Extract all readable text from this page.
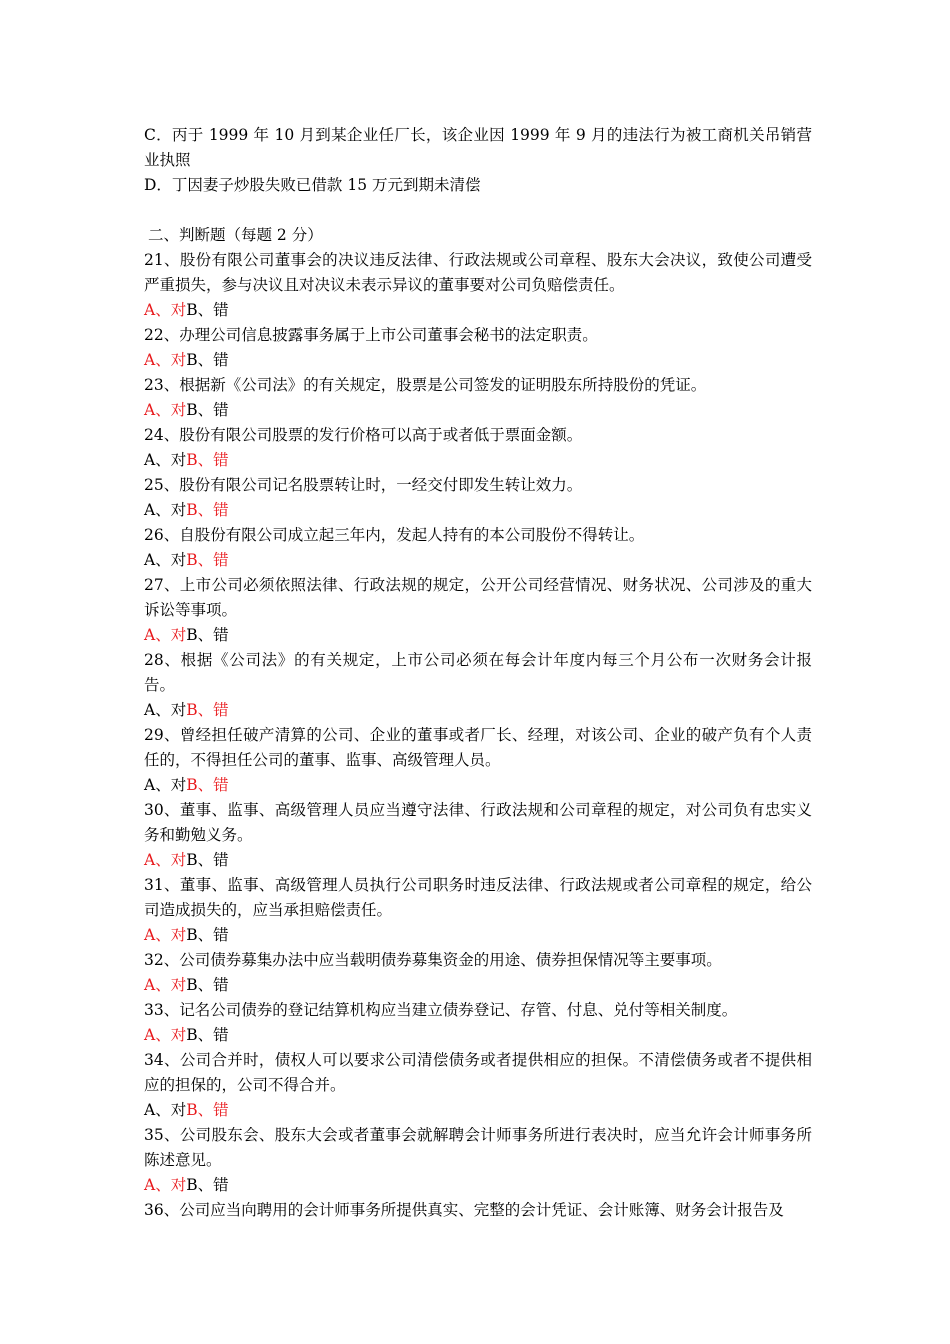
C．丙于 1999 年 10 月到某企业任厂长，该企业因 1999 年 9 月的违法行为被工商机关吊销营业执照

D．丁因妻子炒股失败已借款 15 万元到期未清偿

二、判断题（每题 2 分）

21、股份有限公司董事会的决议违反法律、行政法规或公司章程、股东大会决议，致使公司遭受严重损失，参与决议且对决议未表示异议的董事要对公司负赔偿责任。

A、对B、错

22、办理公司信息披露事务属于上市公司董事会秘书的法定职责。

A、对B、错

23、根据新《公司法》的有关规定，股票是公司签发的证明股东所持股份的凭证。

A、对B、错

24、股份有限公司股票的发行价格可以高于或者低于票面金额。

A、对B、错

25、股份有限公司记名股票转让时，一经交付即发生转让效力。

A、对B、错

26、自股份有限公司成立起三年内，发起人持有的本公司股份不得转让。

A、对B、错

27、上市公司必须依照法律、行政法规的规定，公开公司经营情况、财务状况、公司涉及的重大诉讼等事项。

A、对B、错

28、根据《公司法》的有关规定，上市公司必须在每会计年度内每三个月公布一次财务会计报告。

A、对B、错

29、曾经担任破产清算的公司、企业的董事或者厂长、经理，对该公司、企业的破产负有个人责任的，不得担任公司的董事、监事、高级管理人员。

A、对B、错

30、董事、监事、高级管理人员应当遵守法律、行政法规和公司章程的规定，对公司负有忠实义务和勤勉义务。

A、对B、错

31、董事、监事、高级管理人员执行公司职务时违反法律、行政法规或者公司章程的规定，给公司造成损失的，应当承担赔偿责任。

A、对B、错

32、公司债券募集办法中应当载明债券募集资金的用途、债券担保情况等主要事项。

A、对B、错

33、记名公司债券的登记结算机构应当建立债券登记、存管、付息、兑付等相关制度。

A、对B、错

34、公司合并时，债权人可以要求公司清偿债务或者提供相应的担保。不清偿债务或者不提供相应的担保的，公司不得合并。

A、对B、错

35、公司股东会、股东大会或者董事会就解聘会计师事务所进行表决时，应当允许会计师事务所陈述意见。

A、对B、错

36、公司应当向聘用的会计师事务所提供真实、完整的会计凭证、会计账簿、财务会计报告及
